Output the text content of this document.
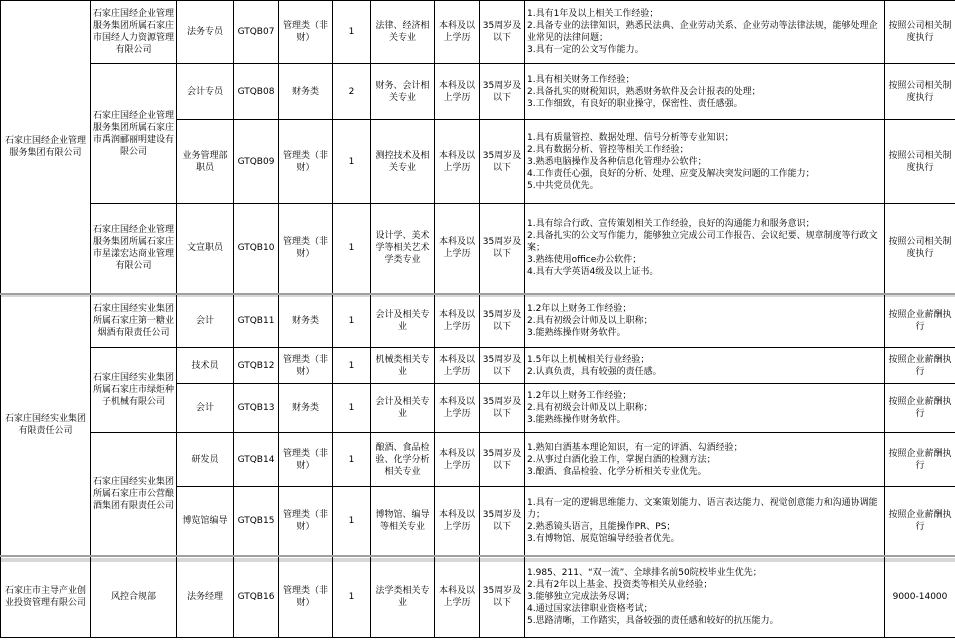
石家庄国经企业管理服务集团有限公司	石家庄国经企业管理服务集团所属石家庄市国经人力资源管理有限公司	法务专员	GTQB07	管理类（非财）	1	法律、经济相关专业	本科及以上学历	35周岁及以下	1.具有1年及以上相关工作经验；
2.具备专业的法律知识，熟悉民法典、企业劳动关系、企业劳动等法律法规，能够处理企业常见的法律问题；
3.具有一定的公文写作能力。	按照公司相关制度执行
	石家庄国经企业管理服务集团所属石家庄市禹润郦丽明建设有限公司	会计专员	GTQB08	财务类	2	财务、会计相关专业	本科及以上学历	35周岁及以下	1.具有相关财务工作经验；
2.具备扎实的财税知识，熟悉财务软件及会计报表的处理；
3.工作细致，有良好的职业操守，保密性、责任感强。	按照公司相关制度执行
		业务管理部职员	GTQB09	管理类（非财）	1	测控技术及相关专业	本科及以上学历	35周岁及以下	1.具有质量管控、数据处理、信号分析等专业知识；
2.具有数据分析、管控等相关工作经验；
3.熟悉电脑操作及各种信息化管理办公软件；
4.工作责任心强，良好的分析、处理、应变及解决突发问题的工作能力；
5.中共党员优先。	按照公司相关制度执行
	石家庄国经企业管理服务集团所属石家庄市星漾宏达商业管理有限公司	文宣职员	GTQB10	管理类（非财）	1	设计学、美术学等相关艺术学类专业	本科及以上学历	35周岁及以下	1.具有综合行政、宣传策划相关工作经验，良好的沟通能力和服务意识；
2.具备扎实的公文写作能力，能够独立完成公司工作报告、会议纪要、规章制度等行政文案；
3.熟练使用office办公软件；
4.具有大学英语4级及以上证书。	按照公司相关制度执行
石家庄国经实业集团有限责任公司	石家庄国经实业集团所属石家庄第一糖业烟酒有限责任公司	会计	GTQB11	财务类	1	会计及相关专业	本科及以上学历	35周岁及以下	1.2年以上财务工作经验；
2.具有初级会计师及以上职称；
3.能熟练操作财务软件。	按照企业薪酬执行
	石家庄国经实业集团所属石家庄市绿炬种子机械有限公司	技术员	GTQB12	管理类（非财）	1	机械类相关专业	本科及以上学历	35周岁及以下	1.5年以上机械相关行业经验；
2.认真负责，具有较强的责任感。	按照企业薪酬执行
		会计	GTQB13	财务类	1	会计及相关专业	本科及以上学历	35周岁及以下	1.2年以上财务工作经验；
2.具有初级会计师及以上职称；
3.能熟练操作财务软件。	按照企业薪酬执行
	石家庄国经实业集团所属石家庄市公营酿酒集团有限责任公司	研发员	GTQB14	管理类（非财）	1	酿酒、食品检验、化学分析相关专业	本科及以上学历	35周岁及以下	1.熟知白酒基本理论知识，有一定的评酒、勾酒经验；
2.从事过白酒化验工作，掌握白酒的检测方法；
3.酿酒、食品检验、化学分析相关专业优先。	按照企业薪酬执行
		博览馆编导	GTQB15	管理类（非财）	1	博物馆、编导等相关专业	本科及以上学历	35周岁及以下	1.具有一定的逻辑思维能力、文案策划能力、语言表达能力、视觉创意能力和沟通协调能力；
2.熟悉镜头语言，且能操作PR、PS；
3.有博物馆、展览馆编导经验者优先。	按照企业薪酬执行
石家庄市主导产业创业投资管理有限公司	风控合规部	法务经理	GTQB16	管理类（非财）	1	法学类相关专业	本科及以上学历	35周岁及以下	1.985、211、“双一流”、全球排名前50院校毕业生优先；
2.具有2年以上基金、投资类等相关从业经验；
3.能够独立完成法务尽调；
4.通过国家法律职业资格考试；
5.思路清晰，工作踏实，具备较强的责任感和较好的抗压能力。	9000-14000
